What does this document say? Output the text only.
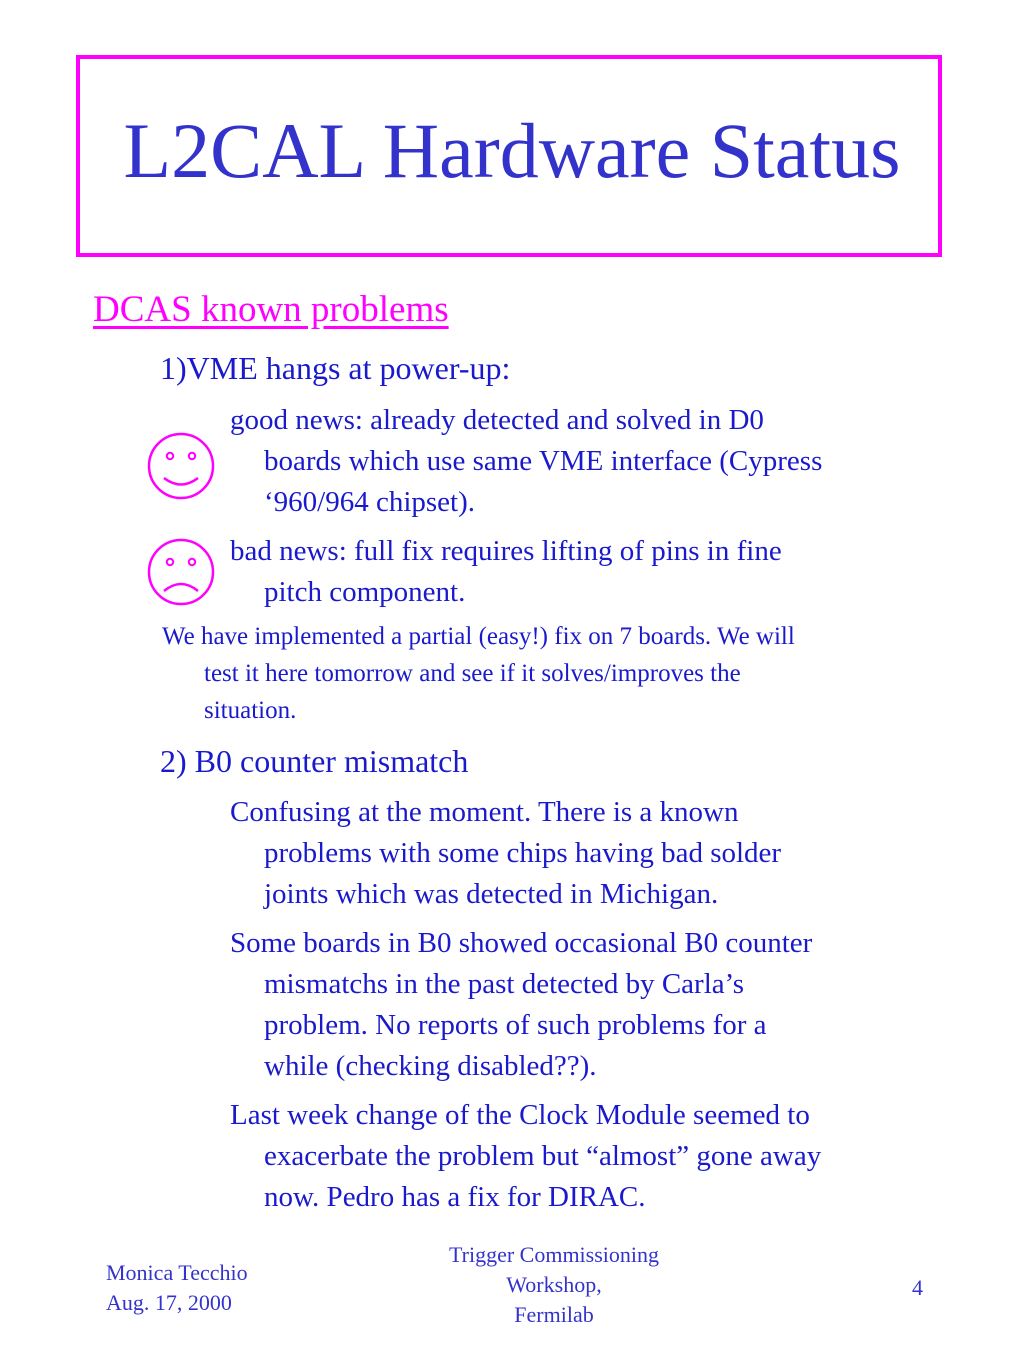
L2CAL Hardware Status
DCAS known problems
1)VME hangs at power-up:
good news: already detected and solved in D0
boards which use same VME interface (Cypress
‘960/964 chipset).
bad news: full fix requires lifting of pins in fine
pitch component.
We have implemented a partial (easy!) fix on 7 boards. We will
test it here tomorrow and see if it solves/improves the
situation.
2) B0 counter mismatch
Confusing at the moment. There is a known
problems with some chips having bad solder
joints which was detected in Michigan.
Some boards in B0 showed occasional B0 counter
mismatchs in the past detected by Carla’s
problem. No reports of such problems for a
while (checking disabled??).
Last week change of the Clock Module seemed to
exacerbate the problem but “almost” gone away
now. Pedro has a fix for DIRAC.
Monica Tecchio
Aug. 17, 2000
Trigger Commissioning
Workshop,
Fermilab
4
